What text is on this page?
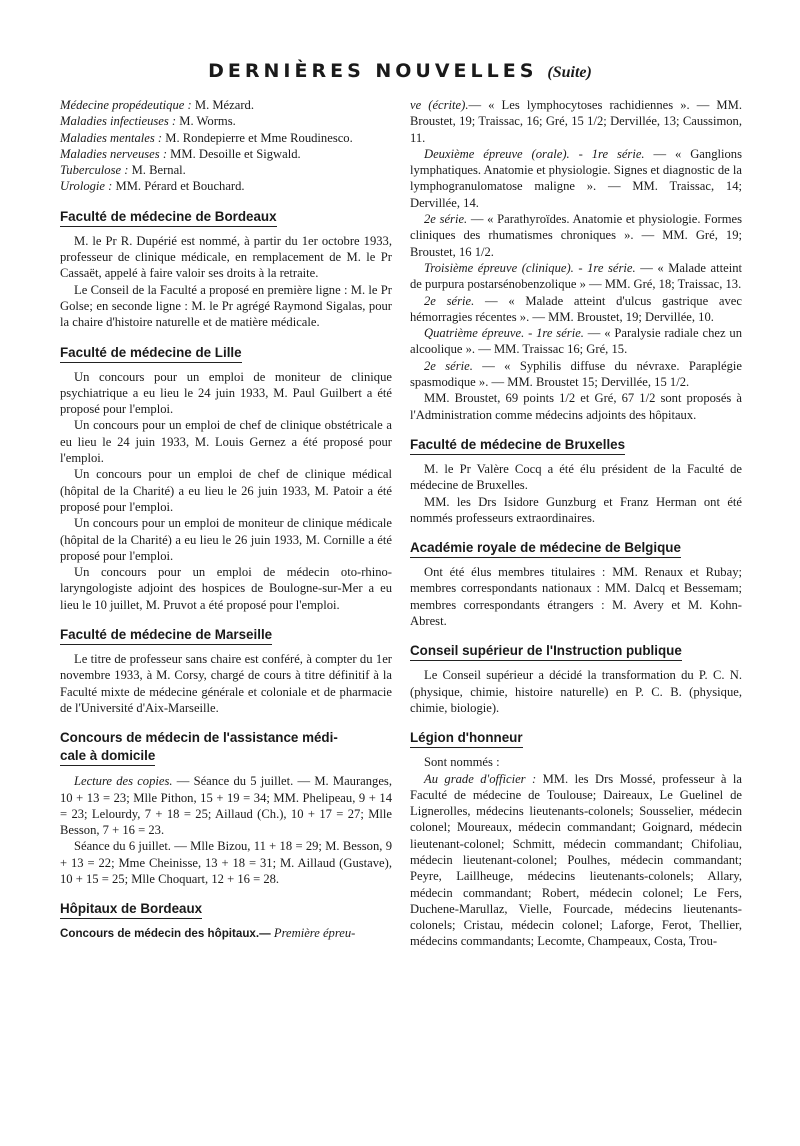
DERNIÈRES NOUVELLES (Suite)

Médecine propédeutique : M. Mézard.

Maladies infectieuses : M. Worms.

Maladies mentales : M. Rondepierre et Mme Roudinesco.

Maladies nerveuses : MM. Desoille et Sigwald.

Tuberculose : M. Bernal.

Urologie : MM. Pérard et Bouchard.

Faculté de médecine de Bordeaux

M. le Pr R. Dupérié est nommé, à partir du 1er octobre 1933, professeur de clinique médicale, en remplacement de M. le Pr Cassaët, appelé à faire valoir ses droits à la retraite.

Le Conseil de la Faculté a proposé en première ligne : M. le Pr Golse; en seconde ligne : M. le Pr agrégé Raymond Sigalas, pour la chaire d'histoire naturelle et de matière médicale.

Faculté de médecine de Lille

Un concours pour un emploi de moniteur de clinique psychiatrique a eu lieu le 24 juin 1933, M. Paul Guilbert a été proposé pour l'emploi.

Un concours pour un emploi de chef de clinique obstétricale a eu lieu le 24 juin 1933, M. Louis Gernez a été proposé pour l'emploi.

Un concours pour un emploi de chef de clinique médical (hôpital de la Charité) a eu lieu le 26 juin 1933, M. Patoir a été proposé pour l'emploi.

Un concours pour un emploi de moniteur de clinique médicale (hôpital de la Charité) a eu lieu le 26 juin 1933, M. Cornille a été proposé pour l'emploi.

Un concours pour un emploi de médecin oto-rhino-laryngologiste adjoint des hospices de Boulogne-sur-Mer a eu lieu le 10 juillet, M. Pruvot a été proposé pour l'emploi.

Faculté de médecine de Marseille

Le titre de professeur sans chaire est conféré, à compter du 1er novembre 1933, à M. Corsy, chargé de cours à titre définitif à la Faculté mixte de médecine générale et coloniale et de pharmacie de l'Université d'Aix-Marseille.

Concours de médecin de l'assistance médi-
cale à domicile

Lecture des copies. — Séance du 5 juillet. — M. Mauranges, 10 + 13 = 23; Mlle Pithon, 15 + 19 = 34; MM. Phelipeau, 9 + 14 = 23; Lelourdy, 7 + 18 = 25; Aillaud (Ch.), 10 + 17 = 27; Mlle Besson, 7 + 16 = 23.

Séance du 6 juillet. — Mlle Bizou, 11 + 18 = 29; M. Besson, 9 + 13 = 22; Mme Cheinisse, 13 + 18 = 31; M. Aillaud (Gustave), 10 + 15 = 25; Mlle Choquart, 12 + 16 = 28.

Hôpitaux de Bordeaux

Concours de médecin des hôpitaux.— Première épreu-

ve (écrite).— « Les lymphocytoses rachidiennes ». — MM. Broustet, 19; Traissac, 16; Gré, 15 1/2; Dervillée, 13; Caussimon, 11.

Deuxième épreuve (orale). - 1re série. — « Ganglions lymphatiques. Anatomie et physiologie. Signes et diagnostic de la lymphogranulomatose maligne ». — MM. Traissac, 14; Dervillée, 14.

2e série. — « Parathyroïdes. Anatomie et physiologie. Formes cliniques des rhumatismes chroniques ». — MM. Gré, 19; Broustet, 16 1/2.

Troisième épreuve (clinique). - 1re série. — « Malade atteint de purpura postarsénobenzolique » — MM. Gré, 18; Traissac, 13.

2e série. — « Malade atteint d'ulcus gastrique avec hémorragies récentes ». — MM. Broustet, 19; Dervillée, 10.

Quatrième épreuve. - 1re série. — « Paralysie radiale chez un alcoolique ». — MM. Traissac 16; Gré, 15.

2e série. — « Syphilis diffuse du névraxe. Paraplégie spasmodique ». — MM. Broustet 15; Dervillée, 15 1/2.

MM. Broustet, 69 points 1/2 et Gré, 67 1/2 sont proposés à l'Administration comme médecins adjoints des hôpitaux.

Faculté de médecine de Bruxelles

M. le Pr Valère Cocq a été élu président de la Faculté de médecine de Bruxelles.

MM. les Drs Isidore Gunzburg et Franz Herman ont été nommés professeurs extraordinaires.

Académie royale de médecine de Belgique

Ont été élus membres titulaires : MM. Renaux et Rubay; membres correspondants nationaux : MM. Dalcq et Bessemam; membres correspondants étrangers : M. Avery et M. Kohn-Abrest.

Conseil supérieur de l'Instruction publique

Le Conseil supérieur a décidé la transformation du P. C. N. (physique, chimie, histoire naturelle) en P. C. B. (physique, chimie, biologie).

Légion d'honneur

Sont nommés :

Au grade d'officier : MM. les Drs Mossé, professeur à la Faculté de médecine de Toulouse; Daireaux, Le Guelinel de Lignerolles, médecins lieutenants-colonels; Sousselier, médecin colonel; Moureaux, médecin commandant; Goignard, médecin lieutenant-colonel; Schmitt, médecin commandant; Chifoliau, médecin lieutenant-colonel; Poulhes, médecin commandant; Peyre, Laillheuge, médecins lieutenants-colonels; Allary, médecin commandant; Robert, médecin colonel; Le Fers, Duchene-Marullaz, Vielle, Fourcade, médecins lieutenants-colonels; Cristau, médecin colonel; Laforge, Ferot, Thellier, médecins commandants; Lecomte, Champeaux, Costa, Trou-
